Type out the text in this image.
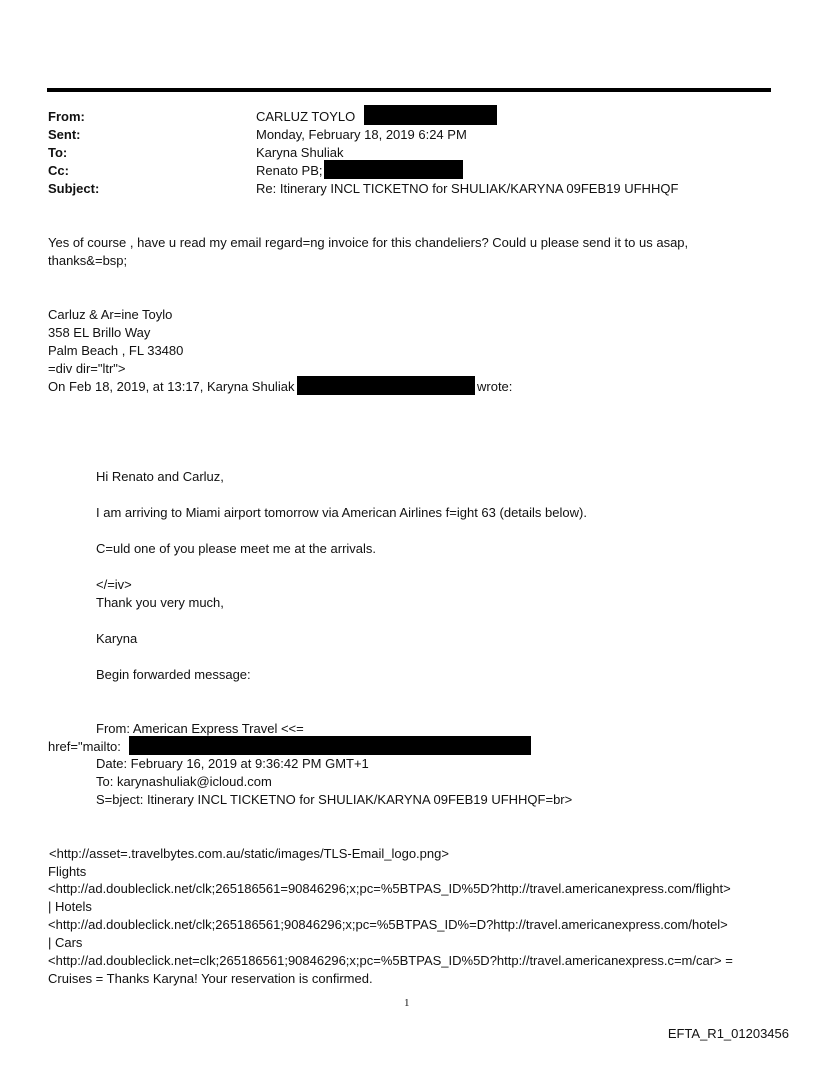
From:	CARLUZ TOYLO
Sent:	Monday, February 18, 2019 6:24 PM
To:	Karyna Shuliak
Cc:	Renato PB;
Subject:	Re: Itinerary INCL TICKETNO for SHULIAK/KARYNA 09FEB19 UFHHQF
Yes of course , have u read my email regard=ng invoice for this chandeliers? Could u please send it to us asap,
thanks&=bsp;
Carluz & Ar=ine Toylo
358 EL Brillo Way
Palm Beach , FL 33480
=div dir="ltr">
On Feb 18, 2019, at 13:17, Karyna Shuliak	wrote:
Hi Renato and Carluz,
I am arriving to Miami airport tomorrow via American Airlines f=ight 63 (details below).
C=uld one of you please meet me at the arrivals.
</=iv>
Thank you very much,
Karyna
Begin forwarded message:
From: American Express Travel <<=
href="mailto:
Date: February 16, 2019 at 9:36:42 PM GMT+1
To: karynashuliak@icloud.com
S=bject: Itinerary INCL TICKETNO for SHULIAK/KARYNA 09FEB19 UFHHQF=br>
<http://asset=.travelbytes.com.au/static/images/TLS-Email_logo.png>
Flights
<http://ad.doubleclick.net/clk;265186561=90846296;x;pc=%5BTPAS_ID%5D?http://travel.americanexpress.com/flight>
| Hotels
<http://ad.doubleclick.net/clk;265186561;90846296;x;pc=%5BTPAS_ID%=D?http://travel.americanexpress.com/hotel>
| Cars
<http://ad.doubleclick.net=clk;265186561;90846296;x;pc=%5BTPAS_ID%5D?http://travel.americanexpress.c=m/car> =
Cruises = Thanks Karyna! Your reservation is confirmed.
1
EFTA_R1_01203456
